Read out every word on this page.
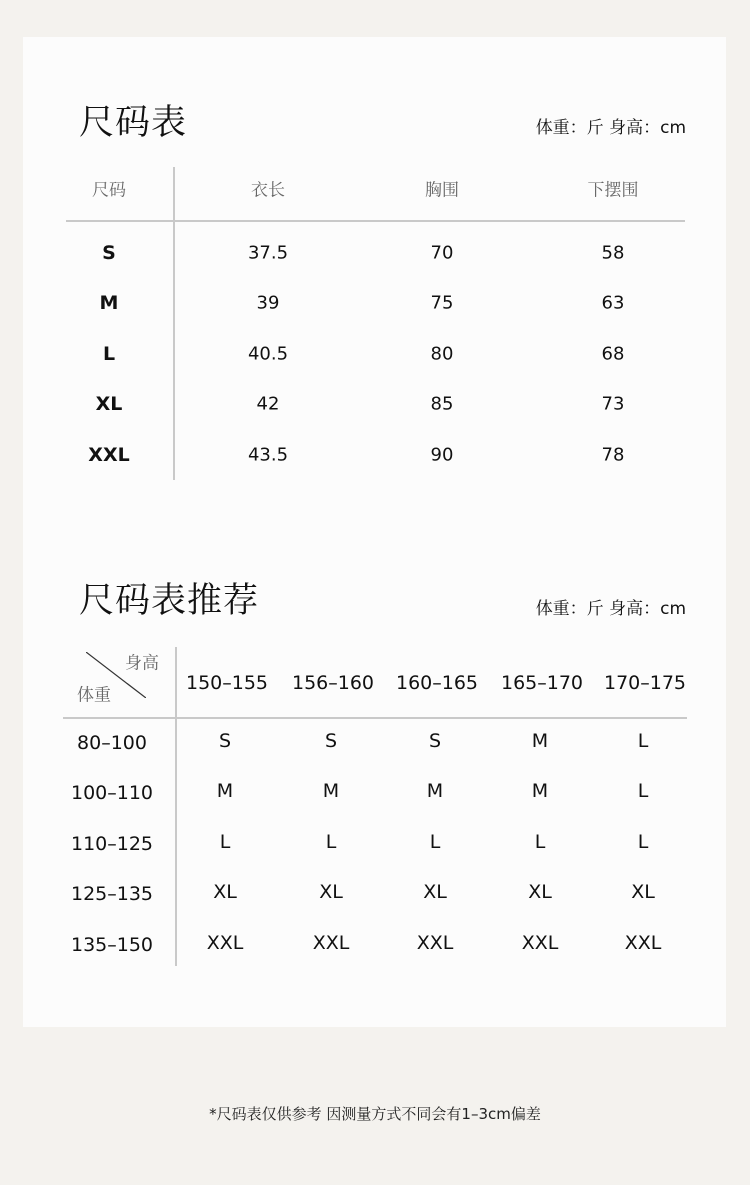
尺码表	体重：斤 身高：cm
尺码	衣长	胸围	下摆围
S	37.5	70	58
M	39	75	63
L	40.5	80	68
XL	42	85	73
XXL	43.5	90	78
尺码表推荐	体重：斤 身高：cm
身高
体重
150–155 156–160 160–165 165–170 170–175
80–100	S	S	S	M	L
100–110	M	M	M	M	L
110–125	L	L	L	L	L
125–135	XL	XL	XL	XL	XL
135–150	XXL	XXL	XXL	XXL	XXL
*尺码表仅供参考 因测量方式不同会有1–3cm偏差
